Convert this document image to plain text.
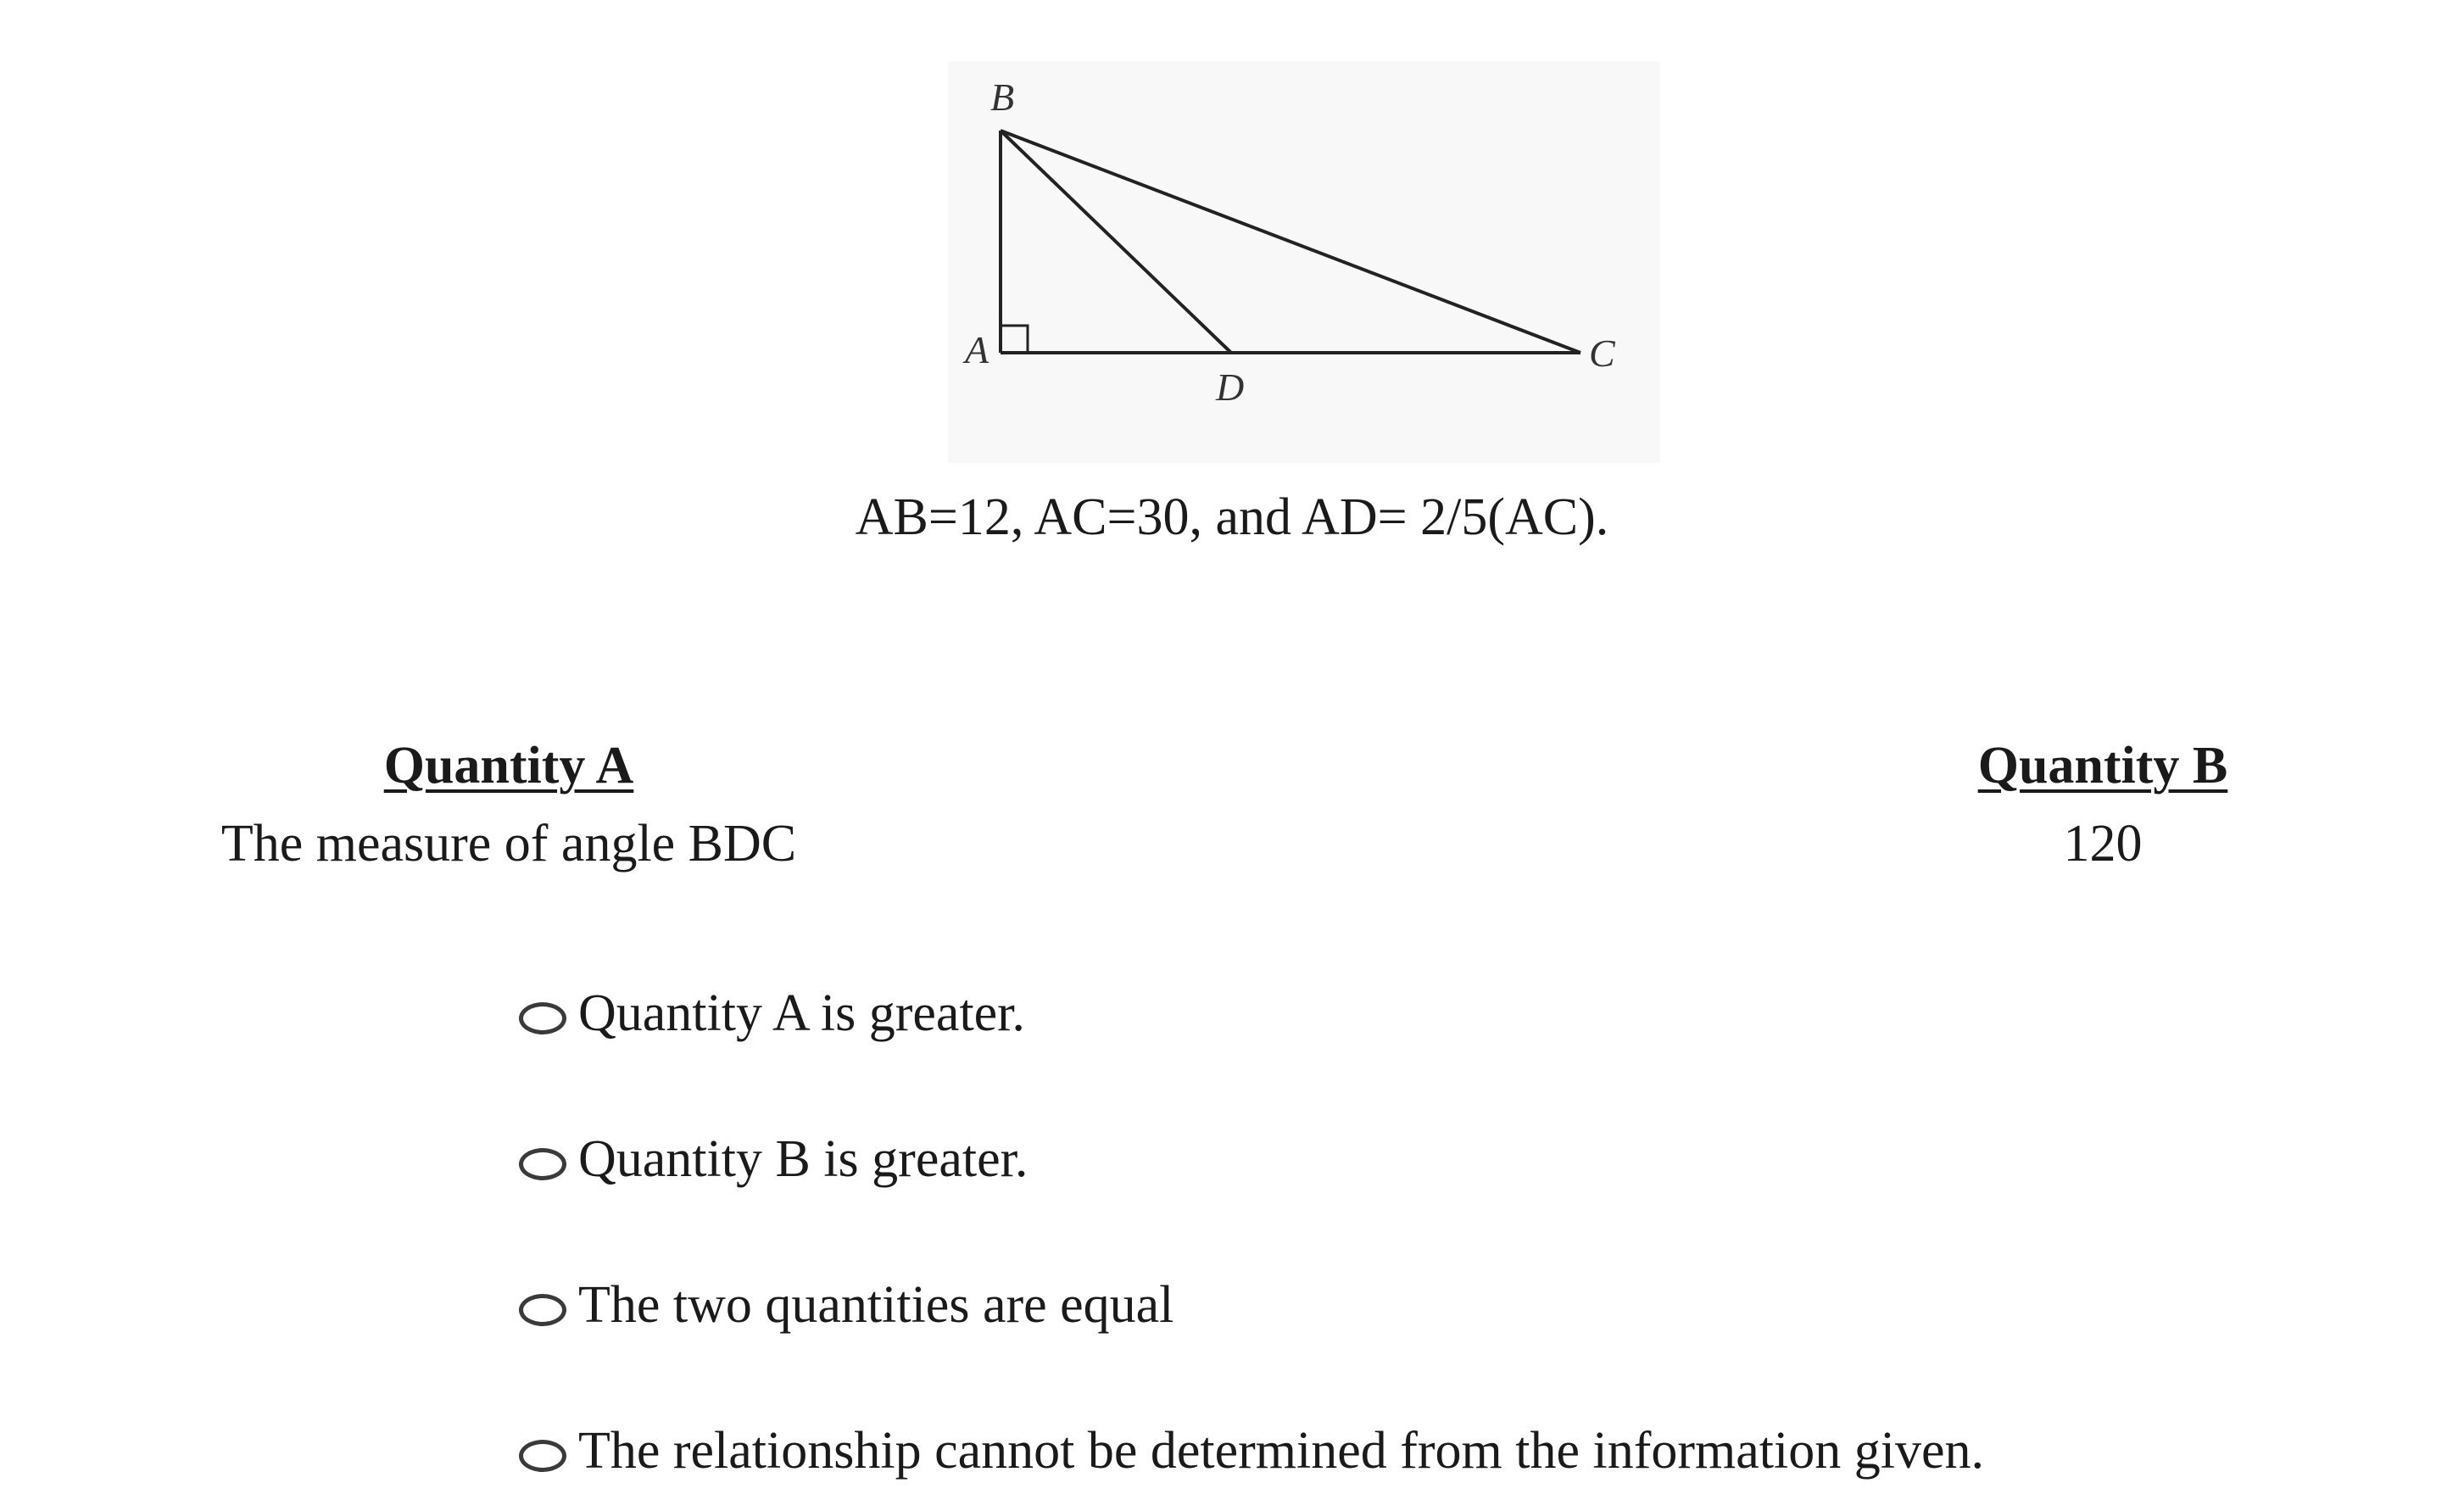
B
A
D
C
AB=12, AC=30, and AD= 2/5(AC).
Quantity A
The measure of angle BDC
Quantity B
120
Quantity A is greater.
Quantity B is greater.
The two quantities are equal
The relationship cannot be determined from the information given.
